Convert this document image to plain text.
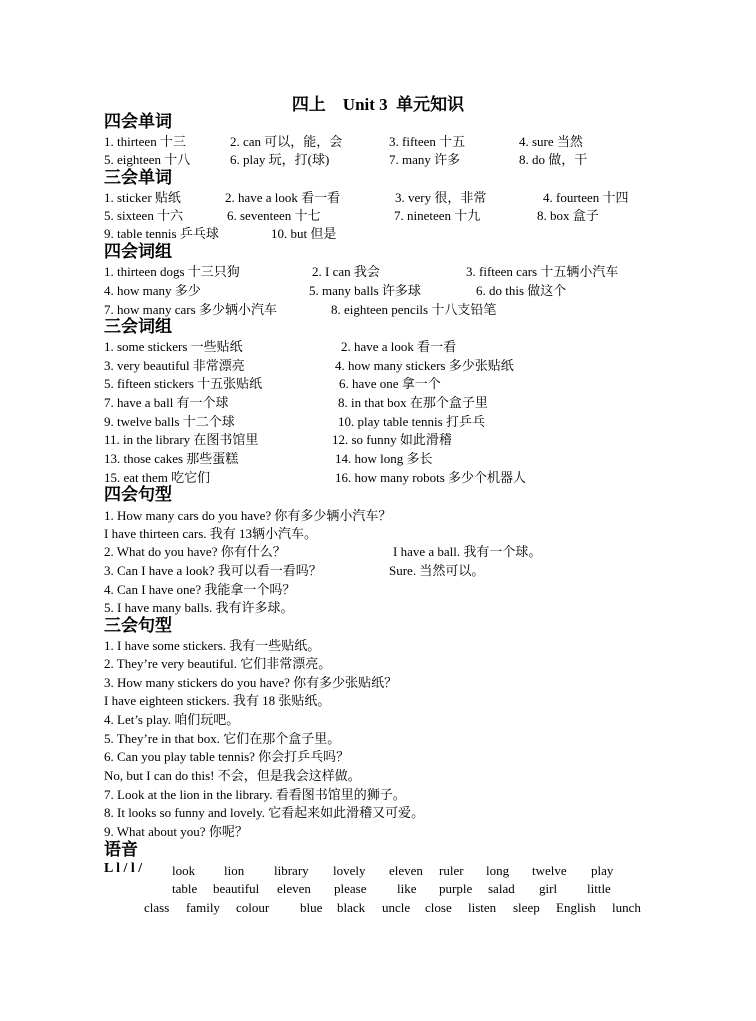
四上    Unit 3  单元知识
四会单词
1. thirteen 十三	2. can 可以，能，会	3. fifteen 十五	4. sure 当然
5. eighteen 十八	6. play 玩，打(球)	7. many 许多	8. do 做，干
三会单词
1. sticker 贴纸	2. have a look 看一看	3. very 很，非常	4. fourteen 十四
5. sixteen 十六	6. seventeen 十七	7. nineteen 十九	8. box 盒子
9. table tennis 乒乓球	10. but 但是
四会词组
1. thirteen dogs 十三只狗	2. I can 我会	3. fifteen cars 十五辆小汽车
4. how many 多少	5. many balls 许多球	6. do this 做这个
7. how many cars 多少辆小汽车	8. eighteen pencils 十八支铅笔
三会词组
1. some stickers 一些贴纸	2. have a look 看一看
3. very beautiful 非常漂亮	4. how many stickers 多少张贴纸
5. fifteen stickers 十五张贴纸	6. have one 拿一个
7. have a ball 有一个球	8. in that box 在那个盒子里
9. twelve balls 十二个球	10. play table tennis 打乒乓
11. in the library 在图书馆里	12. so funny 如此滑稽
13. those cakes 那些蛋糕	14. how long 多长
15. eat them 吃它们	16. how many robots 多少个机器人
四会句型
1. How many cars do you have? 你有多少辆小汽车？
I have thirteen cars. 我有 13辆小汽车。
2. What do you have? 你有什么？	I have a ball. 我有一个球。
3. Can I have a look? 我可以看一看吗？	Sure. 当然可以。
4. Can I have one? 我能拿一个吗？
5. I have many balls. 我有许多球。
三会句型
1. I have some stickers. 我有一些贴纸。
2. They’re very beautiful. 它们非常漂亮。
3. How many stickers do you have? 你有多少张贴纸？
I have eighteen stickers. 我有 18 张贴纸。
4. Let’s play. 咱们玩吧。
5. They’re in that box. 它们在那个盒子里。
6. Can you play table tennis? 你会打乒乓吗？
No, but I can do this! 不会，但是我会这样做。
7. Look at the lion in the library. 看看图书馆里的狮子。
8. It looks so funny and lovely. 它看起来如此滑稽又可爱。
9. What about you? 你呢？
语音
L l / l / look lion library lovely eleven ruler long twelve play
table beautiful eleven please like purple salad girl little
class family colour blue black uncle close listen sleep English lunch
